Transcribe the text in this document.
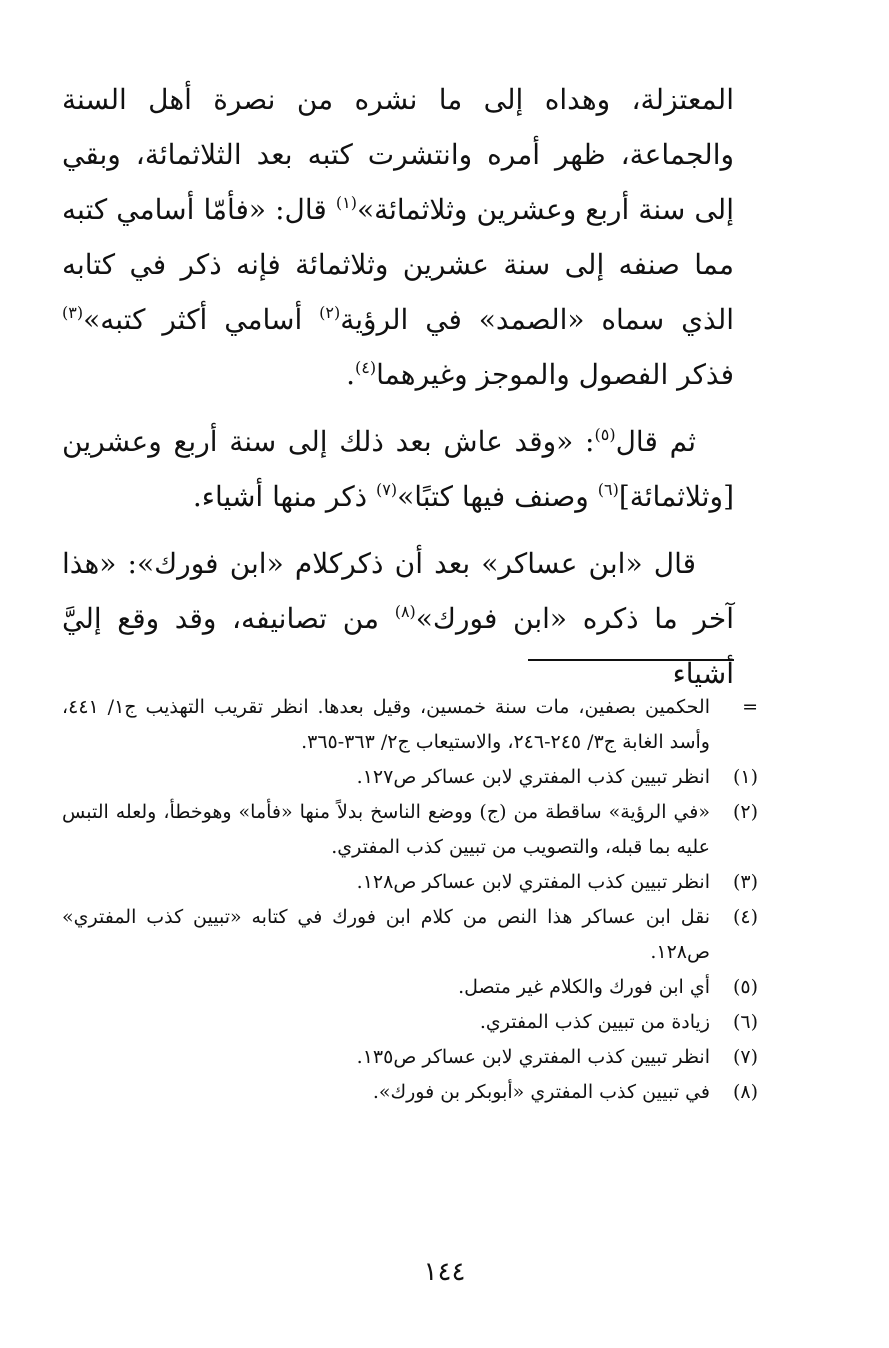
المعتزلة، وهداه إلى ما نشره من نصرة أهل السنة والجماعة، ظهر أمره وانتشرت كتبه بعد الثلاثمائة، وبقي إلى سنة أربع وعشرين وثلاثمائة»$^{(١)}$ قال: «فأمّا أسامي كتبه مما صنفه إلى سنة عشرين وثلاثمائة فإنه ذكر في كتابه الذي سماه «الصمد» في الرؤية$^{(٢)}$ أسامي أكثر كتبه»$^{(٣)}$ فذكر الفصول والموجز وغيرهما$^{(٤)}$.

ثم قال$^{(٥)}$: «وقد عاش بعد ذلك إلى سنة أربع وعشرين [وثلاثمائة]$^{(٦)}$ وصنف فيها كتبًا»$^{(٧)}$ ذكر منها أشياء.

قال «ابن عساكر» بعد أن ذكركلام «ابن فورك»: «هذا آخر ما ذكره «ابن فورك»$^{(٨)}$ من تصانيفه، وقد وقع إليَّ أشياء

=
الحكمين بصفين، مات سنة خمسين، وقيل بعدها. انظر تقريب التهذيب ج١/ ٤٤١، وأسد الغابة ج٣/ ٢٤٥-٢٤٦، والاستيعاب ج٢/ ٣٦٣-٣٦٥.
(١)
انظر تبيين كذب المفتري لابن عساكر ص١٢٧.
(٢)
«في الرؤية» ساقطة من (ج) ووضع الناسخ بدلاً منها «فأما» وهوخطأ، ولعله التبس عليه بما قبله، والتصويب من تبيين كذب المفتري.
(٣)
انظر تبيين كذب المفتري لابن عساكر ص١٢٨.
(٤)
نقل ابن عساكر هذا النص من كلام ابن فورك في كتابه «تبيين كذب المفتري» ص١٢٨.
(٥)
أي ابن فورك والكلام غير متصل.
(٦)
زيادة من تبيين كذب المفتري.
(٧)
انظر تبيين كذب المفتري لابن عساكر ص١٣٥.
(٨)
في تبيين كذب المفتري «أبوبكر بن فورك».
١٤٤
